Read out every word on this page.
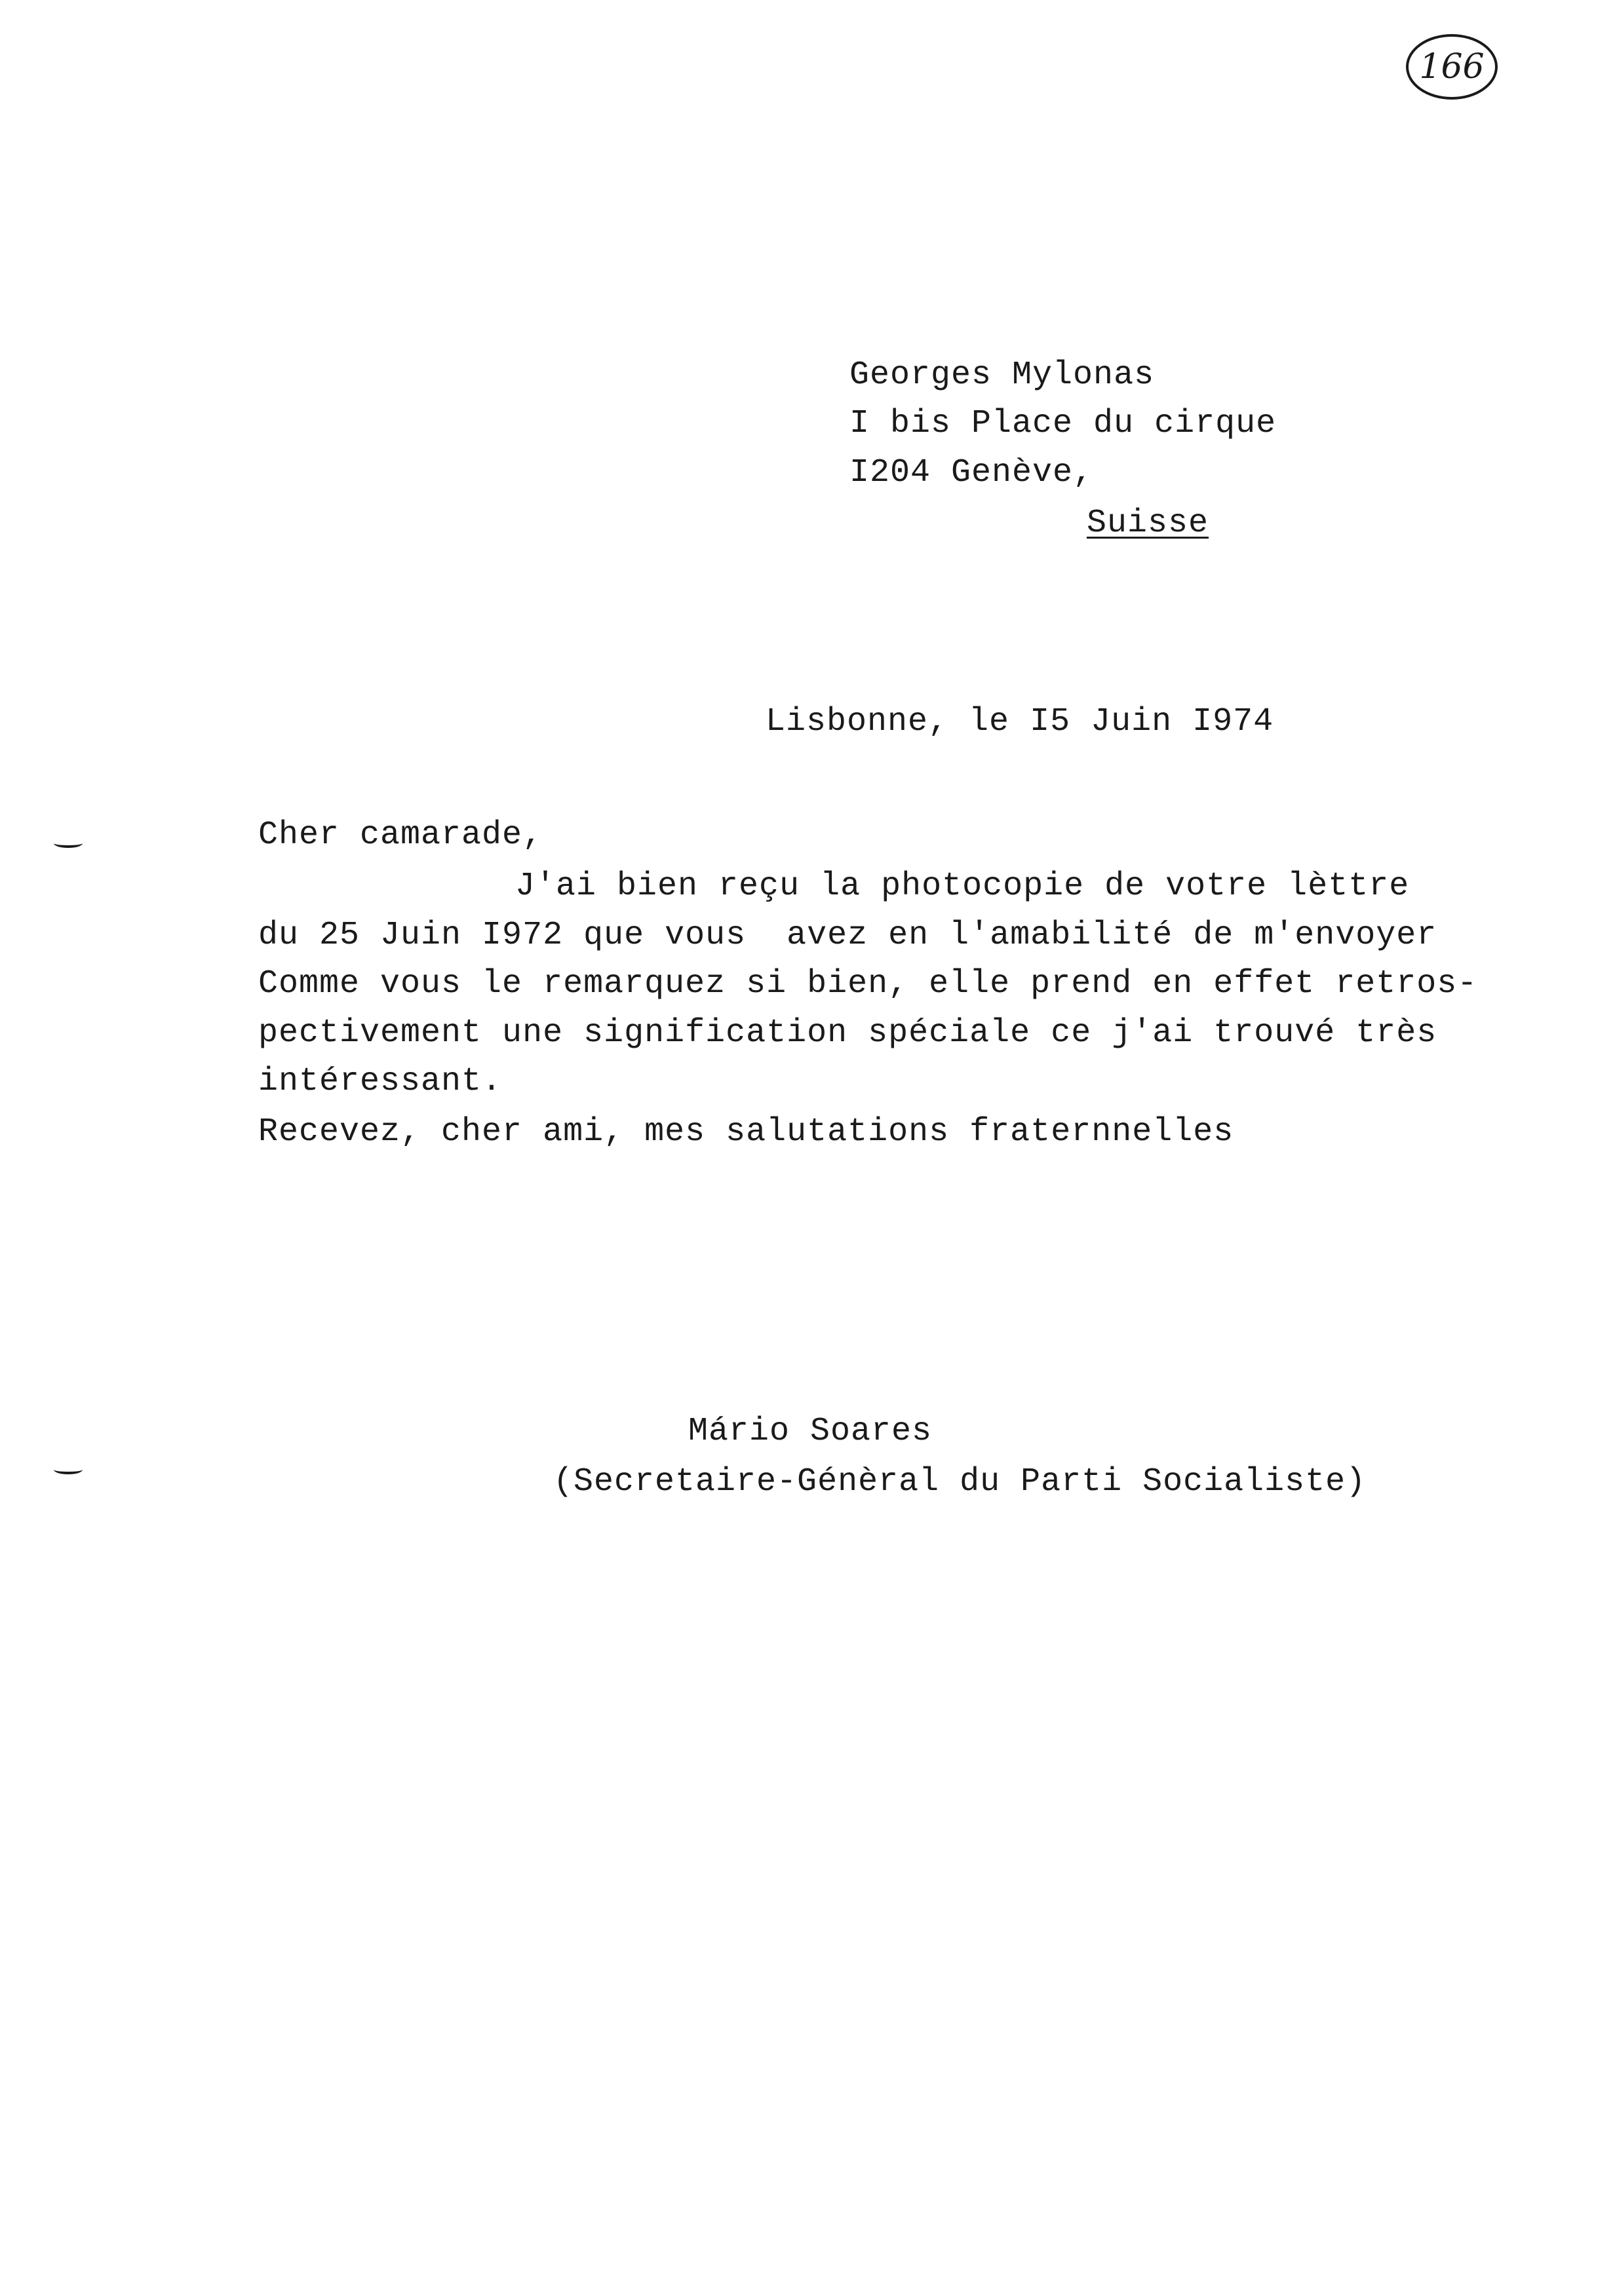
166
Georges Mylonas
I bis Place du cirque
I204 Genève,
Suisse
Lisbonne, le I5 Juin I974
Cher camarade,
J'ai bien reçu la photocopie de votre lèttre
du 25 Juin I972 que vous  avez en l'amabilité de m'envoyer
Comme vous le remarquez si bien, elle prend en effet retros-
pectivement une signification spéciale ce j'ai trouvé très
intéressant.
Recevez, cher ami, mes salutations fraternnelles
Mário Soares
(Secretaire-Génèral du Parti Socialiste)
